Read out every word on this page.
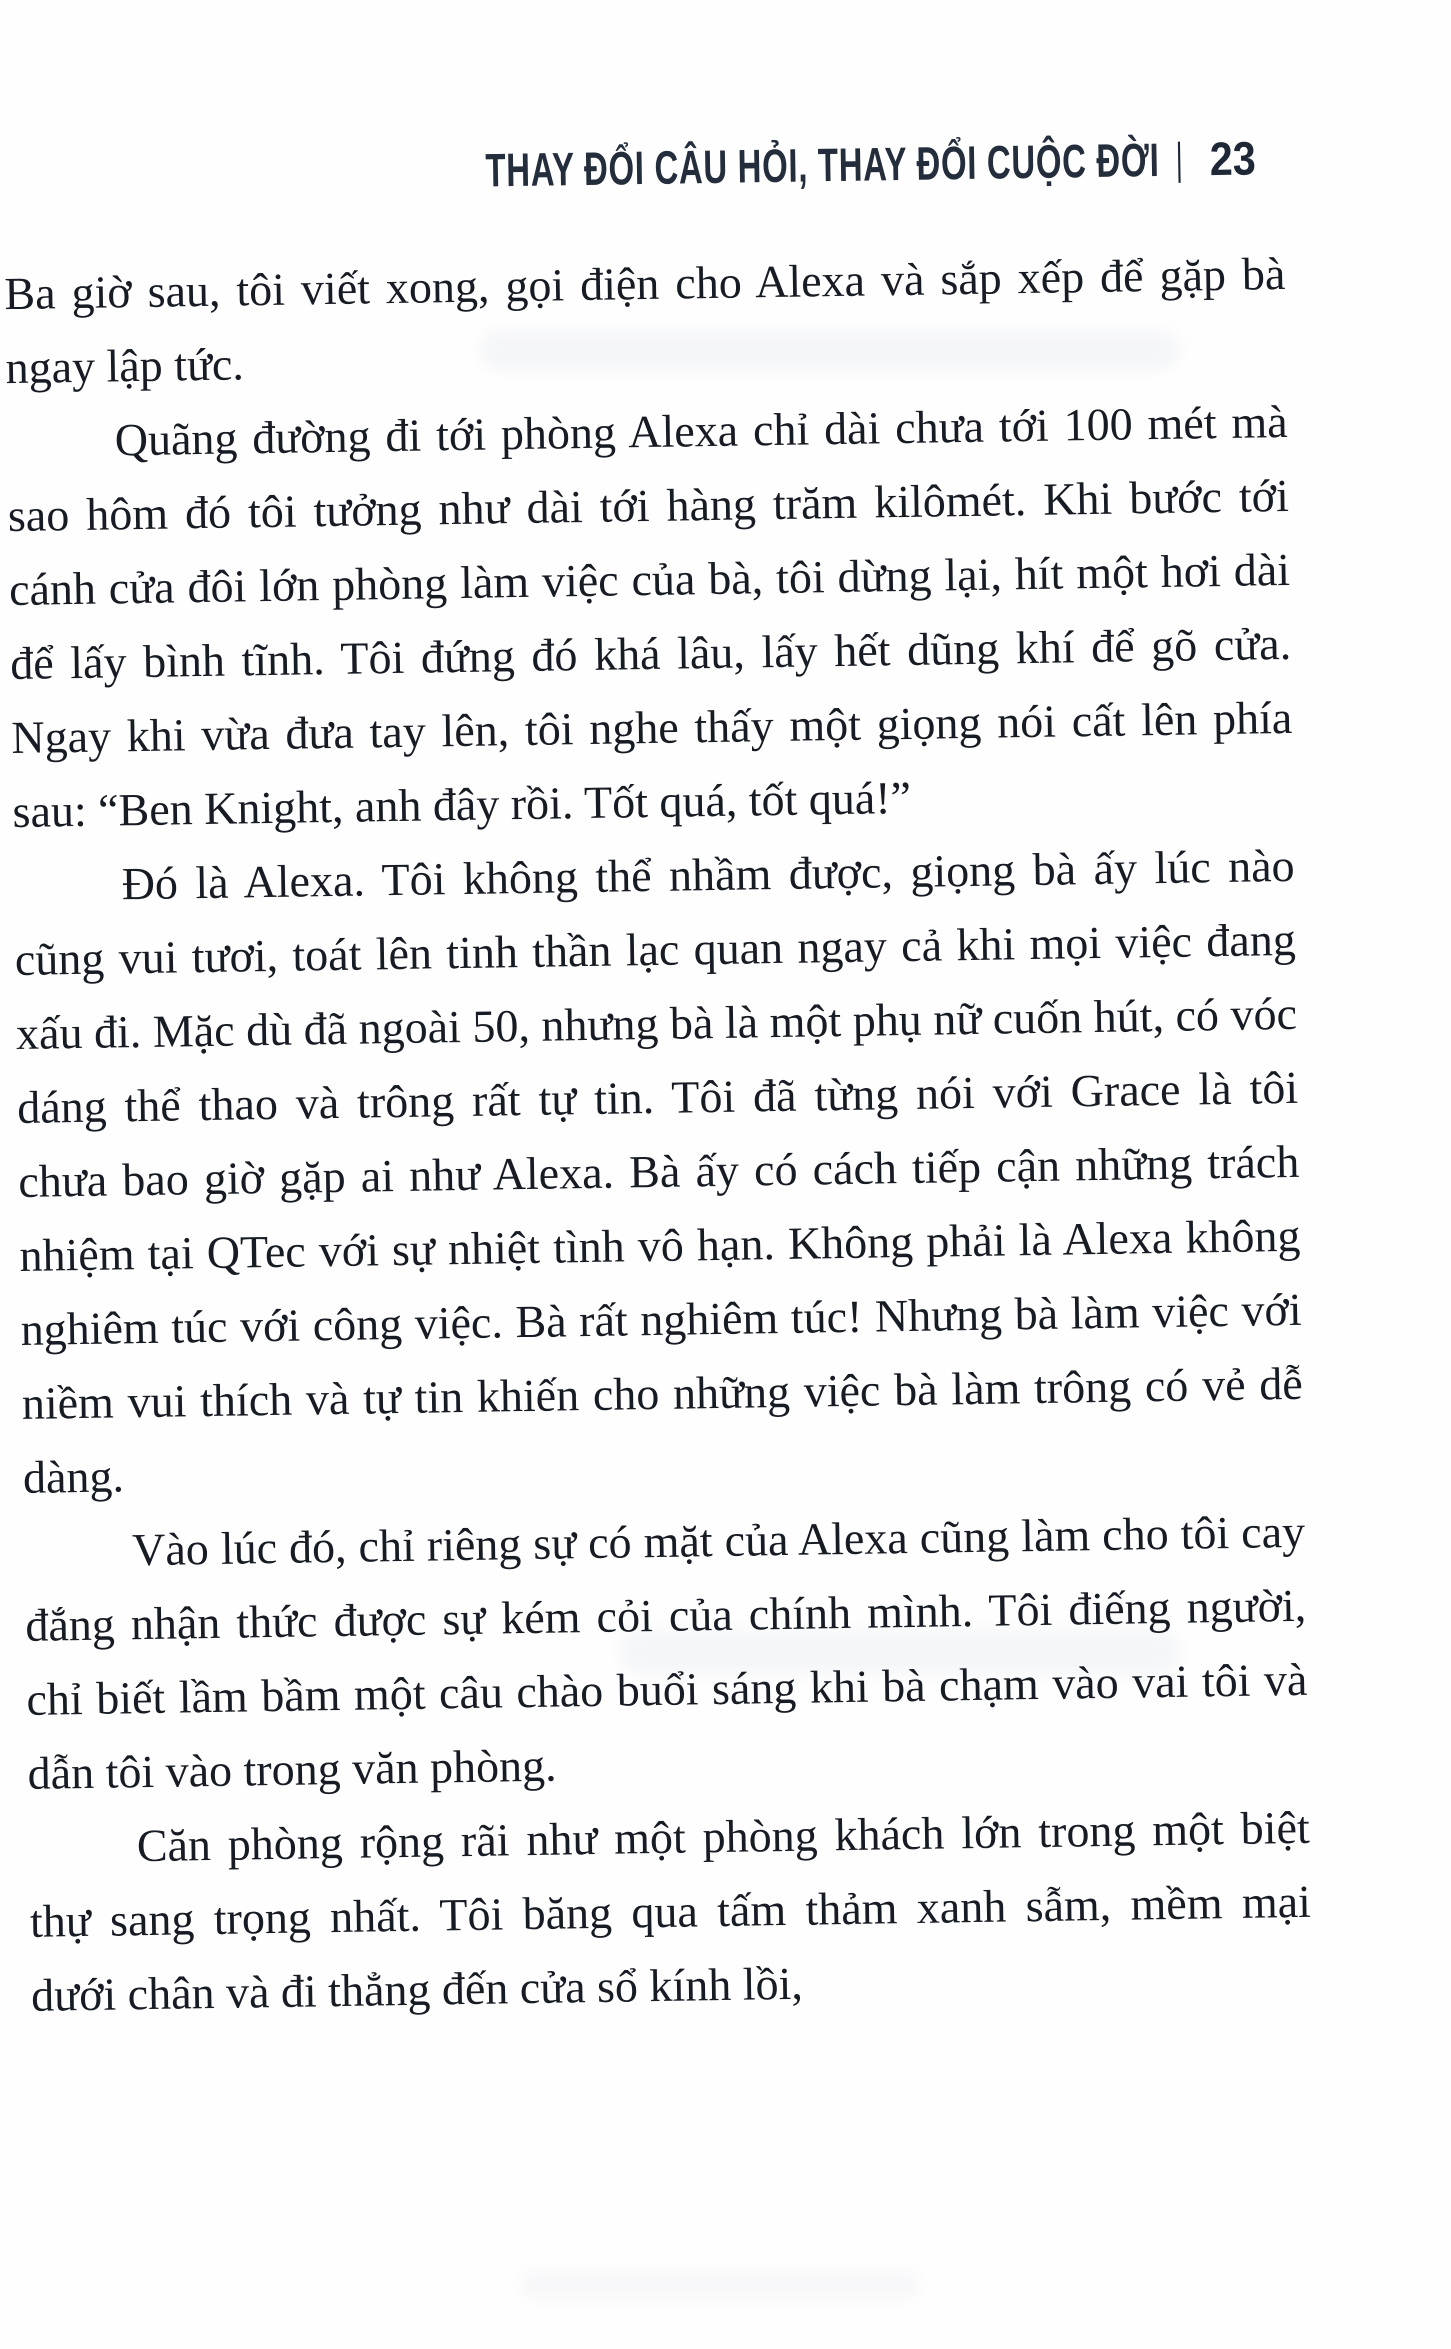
THAY ĐỔI CÂU HỎI, THAY ĐỔI CUỘC ĐỜI | 23

Ba giờ sau, tôi viết xong, gọi điện cho Alexa và sắp xếp để gặp bà ngay lập tức.

Quãng đường đi tới phòng Alexa chỉ dài chưa tới 100 mét mà sao hôm đó tôi tưởng như dài tới hàng trăm kilômét. Khi bước tới cánh cửa đôi lớn phòng làm việc của bà, tôi dừng lại, hít một hơi dài để lấy bình tĩnh. Tôi đứng đó khá lâu, lấy hết dũng khí để gõ cửa. Ngay khi vừa đưa tay lên, tôi nghe thấy một giọng nói cất lên phía sau: “Ben Knight, anh đây rồi. Tốt quá, tốt quá!”

Đó là Alexa. Tôi không thể nhầm được, giọng bà ấy lúc nào cũng vui tươi, toát lên tinh thần lạc quan ngay cả khi mọi việc đang xấu đi. Mặc dù đã ngoài 50, nhưng bà là một phụ nữ cuốn hút, có vóc dáng thể thao và trông rất tự tin. Tôi đã từng nói với Grace là tôi chưa bao giờ gặp ai như Alexa. Bà ấy có cách tiếp cận những trách nhiệm tại QTec với sự nhiệt tình vô hạn. Không phải là Alexa không nghiêm túc với công việc. Bà rất nghiêm túc! Nhưng bà làm việc với niềm vui thích và tự tin khiến cho những việc bà làm trông có vẻ dễ dàng.

Vào lúc đó, chỉ riêng sự có mặt của Alexa cũng làm cho tôi cay đắng nhận thức được sự kém cỏi của chính mình. Tôi điếng người, chỉ biết lầm bầm một câu chào buổi sáng khi bà chạm vào vai tôi và dẫn tôi vào trong văn phòng.

Căn phòng rộng rãi như một phòng khách lớn trong một biệt thự sang trọng nhất. Tôi băng qua tấm thảm xanh sẫm, mềm mại dưới chân và đi thẳng đến cửa sổ kính lồi,
